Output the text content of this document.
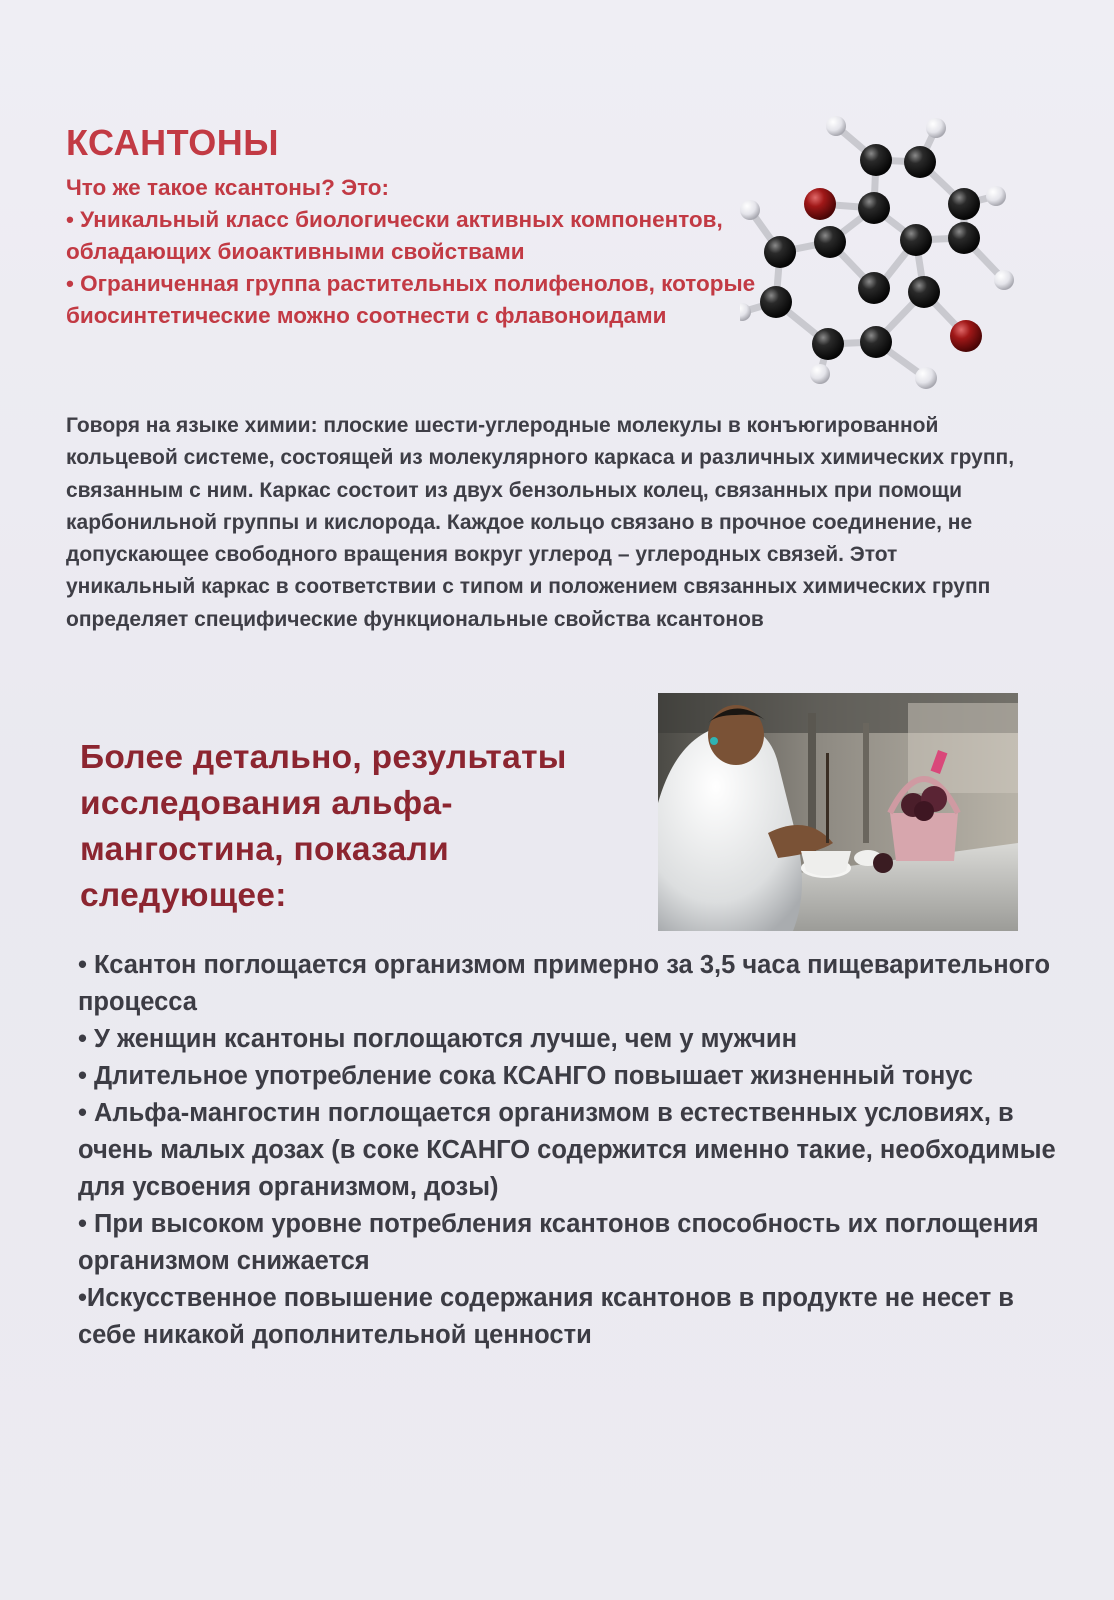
КСАНТОНЫ

Что же такое ксантоны? Это:

• Уникальный класс биологически активных компонентов, обладающих биоактивными свойствами

• Ограниченная группа растительных полифенолов, которые биосинтетические можно соотнести с флавоноидами

Говоря на языке химии: плоские шести-углеродные молекулы в конъюгированной кольцевой системе, состоящей из молекулярного каркаса и различных химических групп, связанным с ним. Каркас состоит из двух бензольных колец, связанных при помощи карбонильной группы и кислорода. Каждое кольцо связано в прочное соединение, не допускающее свободного вращения вокруг углерод – углеродных связей. Этот уникальный каркас в соответствии с типом и положением связанных химических групп определяет специфические функциональные свойства ксантонов

Более детально, результаты исследования альфа-мангостина, показали следующее:
• Ксантон поглощается организмом примерно за 3,5 часа пищеварительного процесса
• У женщин ксантоны поглощаются лучше, чем у мужчин
• Длительное употребление сока КСАНГО повышает жизненный тонус
• Альфа-мангостин поглощается организмом в естественных условиях, в очень малых дозах (в соке КСАНГО содержится именно такие, необходимые для усвоения организмом, дозы)
• При высоком уровне потребления ксантонов способность их поглощения организмом снижается
•Искусственное повышение содержания ксантонов в продукте не несет в себе никакой дополнительной ценности
